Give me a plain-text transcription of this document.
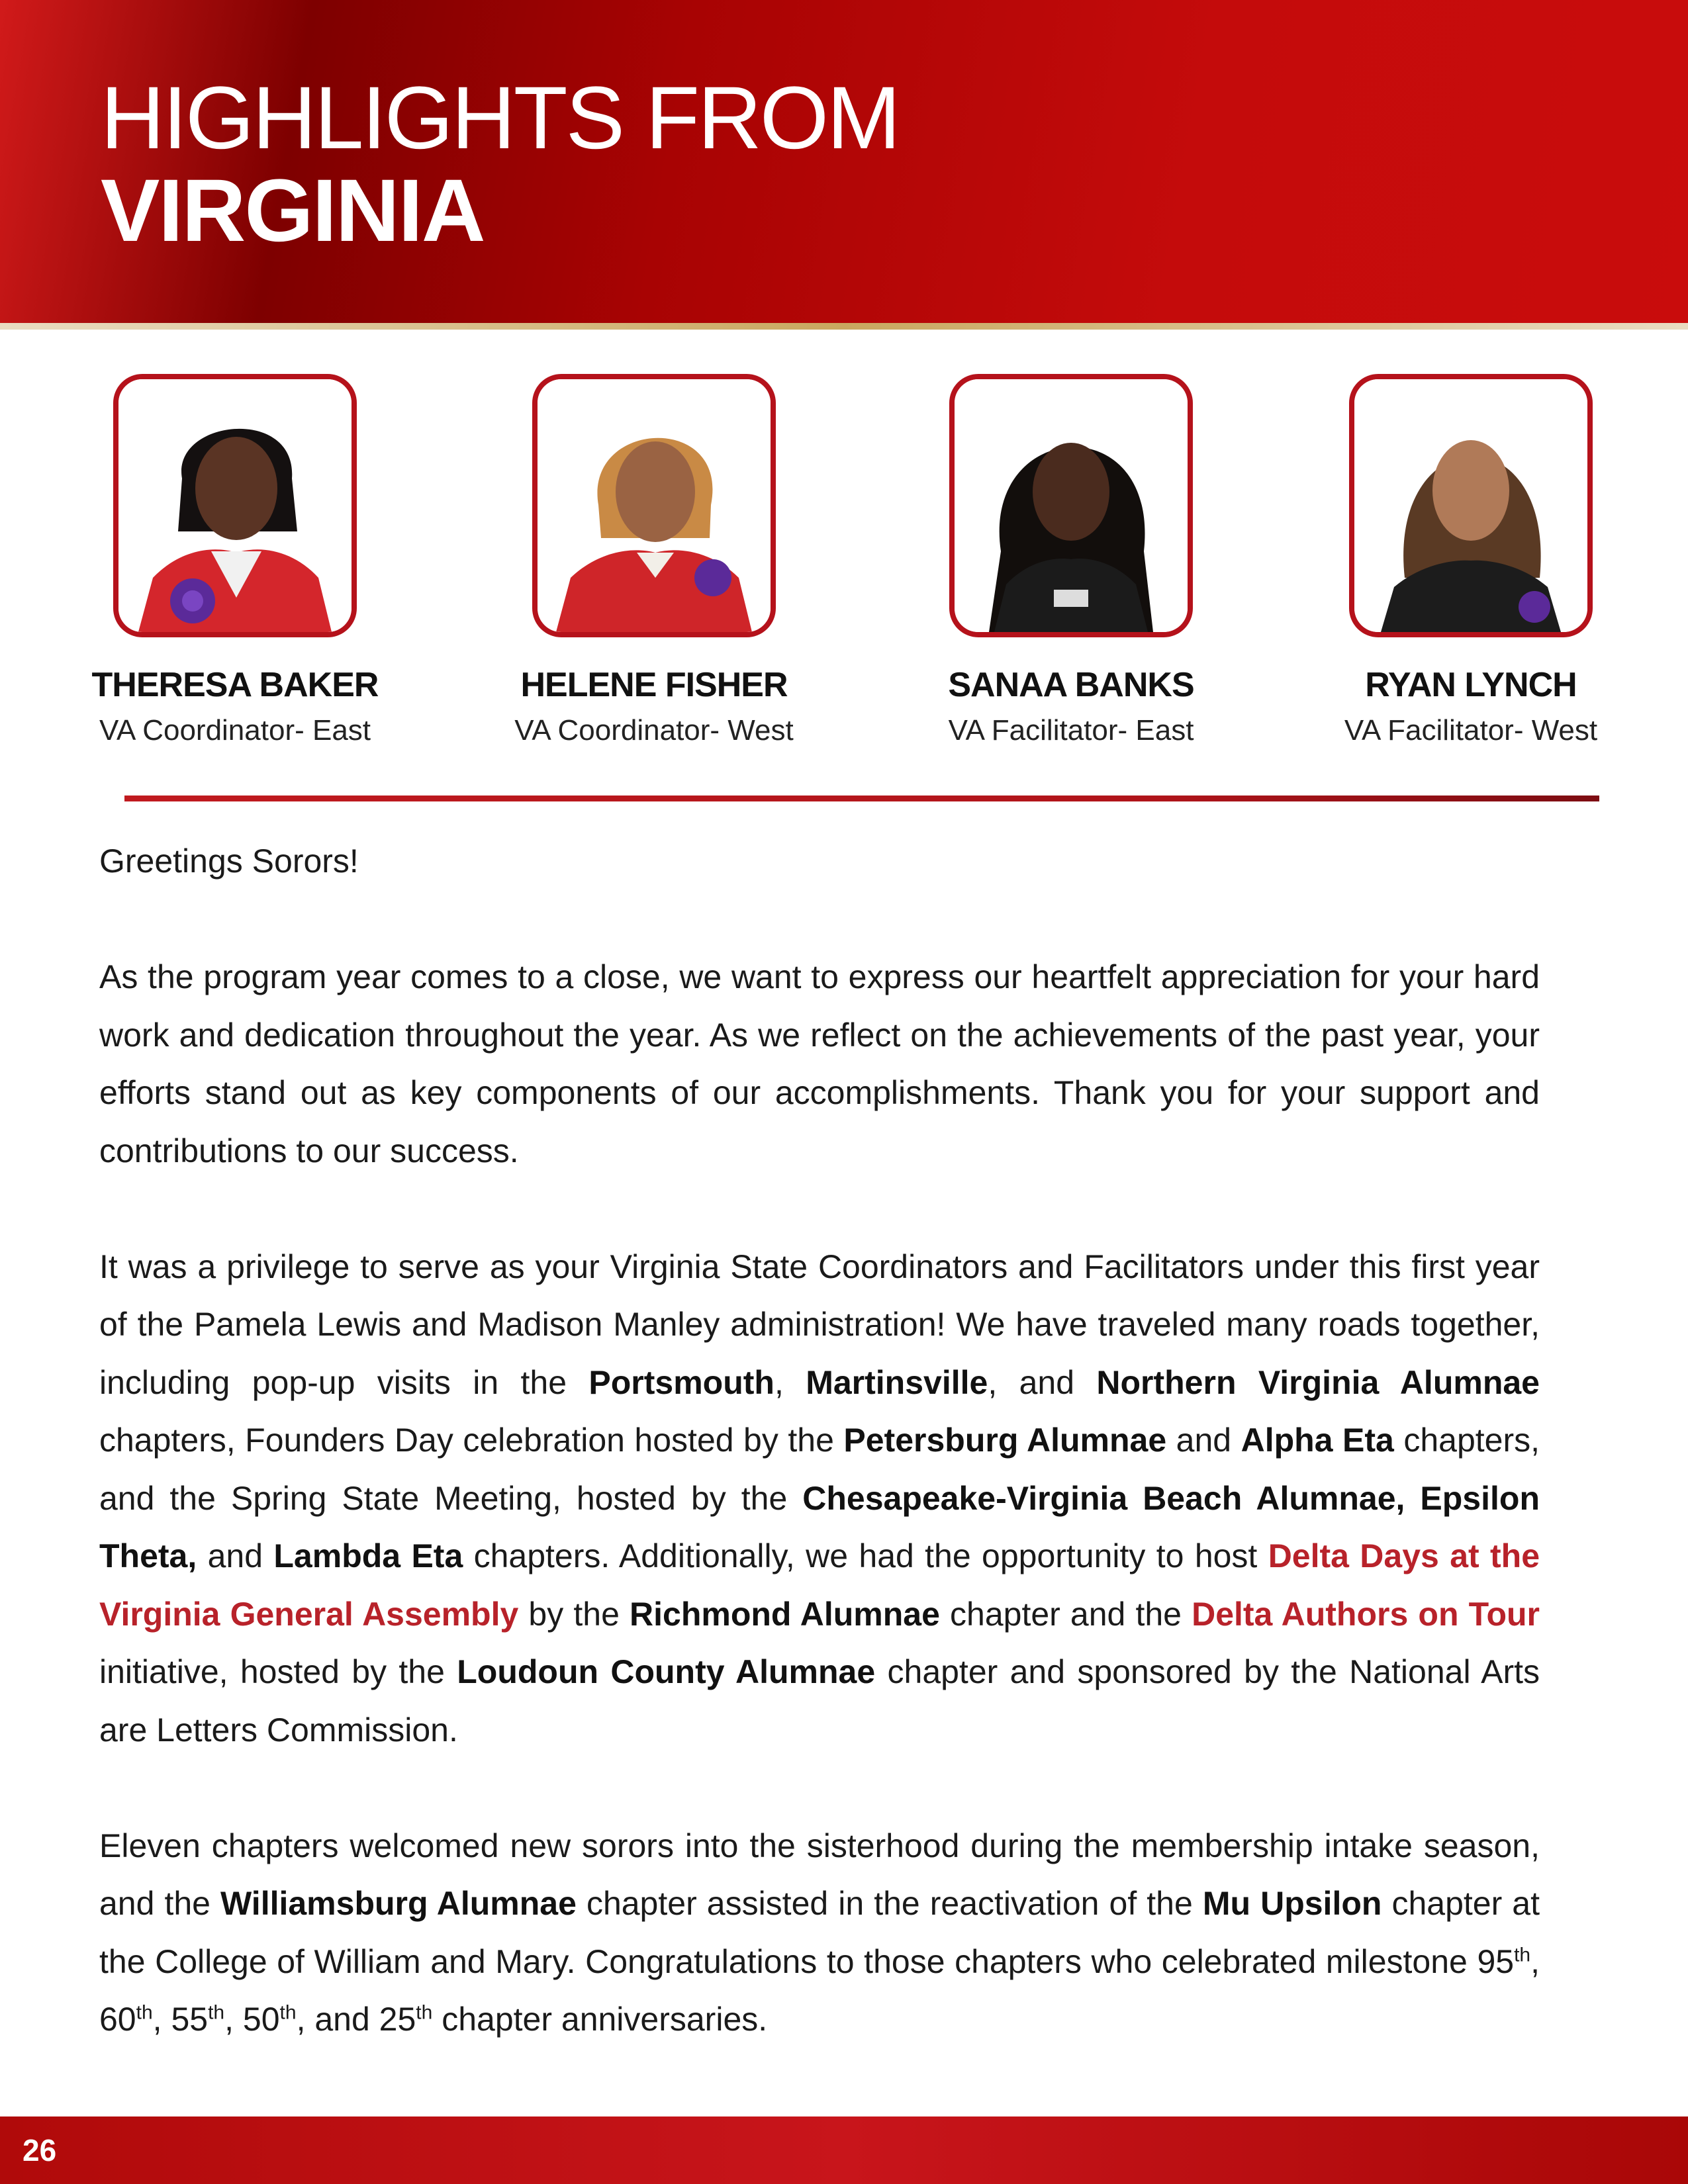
HIGHLIGHTS FROM
VIRGINIA
THERESA BAKER
VA Coordinator- East
HELENE FISHER
VA Coordinator- West
SANAA BANKS
VA Facilitator- East
RYAN LYNCH
VA Facilitator- West

Greetings Sorors!

As the program year comes to a close, we want to express our heartfelt appreciation for your hard work and dedication throughout the year. As we reflect on the achievements of the past year, your efforts stand out as key components of our accomplishments. Thank you for your support and contributions to our success.

It was a privilege to serve as your Virginia State Coordinators and Facilitators under this first year of the Pamela Lewis and Madison Manley administration! We have traveled many roads together, including pop-up visits in the Portsmouth, Martinsville, and Northern Virginia Alumnae chapters, Founders Day celebration hosted by the Petersburg Alumnae and Alpha Eta chapters, and the Spring State Meeting, hosted by the Chesapeake-Virginia Beach Alumnae, Epsilon Theta, and Lambda Eta chapters. Additionally, we had the opportunity to host Delta Days at the Virginia General Assembly by the Richmond Alumnae chapter and the Delta Authors on Tour initiative, hosted by the Loudoun County Alumnae chapter and sponsored by the National Arts are Letters Commission.

Eleven chapters welcomed new sorors into the sisterhood during the membership intake season, and the Williamsburg Alumnae chapter assisted in the reactivation of the Mu Upsilon chapter at the College of William and Mary. Congratulations to those chapters who celebrated milestone 95th, 60th, 55th, 50th, and 25th chapter anniversaries.

26
